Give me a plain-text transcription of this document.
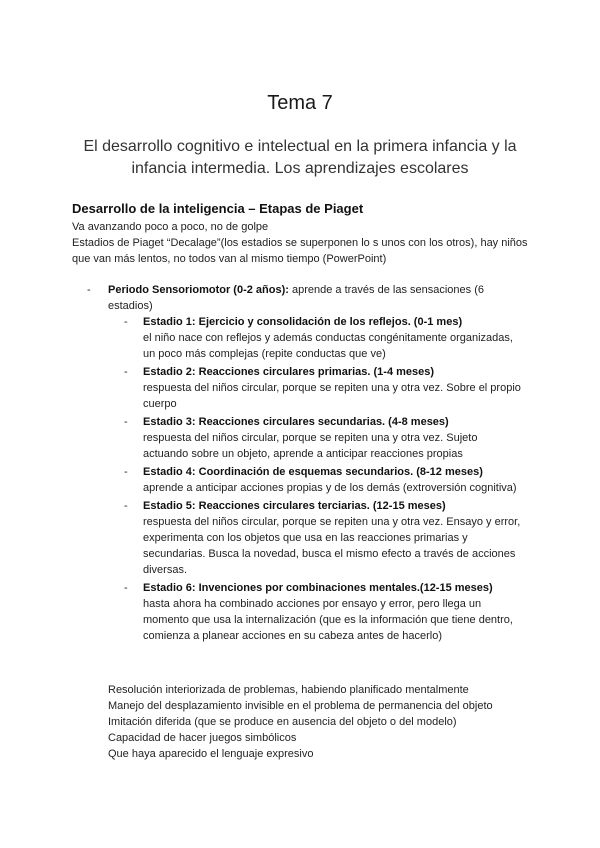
Tema 7
El desarrollo cognitivo e intelectual en la primera infancia y la infancia intermedia. Los aprendizajes escolares
Desarrollo de la inteligencia – Etapas de Piaget

Va avanzando poco a poco, no de golpe

Estadios de Piaget “Decalage”(los estadios se superponen lo s unos con los otros), hay niños que van más lentos, no todos van al mismo tiempo (PowerPoint)

- Periodo Sensoriomotor (0-2 años): aprende a través de las sensaciones (6 estadios)
- Estadio 1: Ejercicio y consolidación de los reflejos. (0-1 mes)
el niño nace con reflejos y además conductas congénitamente organizadas, un poco más complejas (repite conductas que ve)
- Estadio 2: Reacciones circulares primarias. (1-4 meses)
respuesta del niños circular, porque se repiten una y otra vez. Sobre el propio cuerpo
- Estadio 3: Reacciones circulares secundarias. (4-8 meses)
respuesta del niños circular, porque se repiten una y otra vez. Sujeto actuando sobre un objeto, aprende a anticipar reacciones propias
- Estadio 4: Coordinación de esquemas secundarios. (8-12 meses)
aprende a anticipar acciones propias y de los demás (extroversión cognitiva)
- Estadio 5: Reacciones circulares terciarias. (12-15 meses)
respuesta del niños circular, porque se repiten una y otra vez. Ensayo y error, experimenta con los objetos que usa en las reacciones primarias y secundarias. Busca la novedad, busca el mismo efecto a través de acciones diversas.
- Estadio 6: Invenciones por combinaciones mentales.(12-15 meses)
hasta ahora ha combinado acciones por ensayo y error, pero llega un momento que usa la internalización (que es la información que tiene dentro, comienza a planear acciones en su cabeza antes de hacerlo)

Resolución interiorizada de problemas, habiendo planificado mentalmente

Manejo del desplazamiento invisible en el problema de permanencia del objeto

Imitación diferida (que se produce en ausencia del objeto o del modelo)

Capacidad de hacer juegos simbólicos

Que haya aparecido el lenguaje expresivo
